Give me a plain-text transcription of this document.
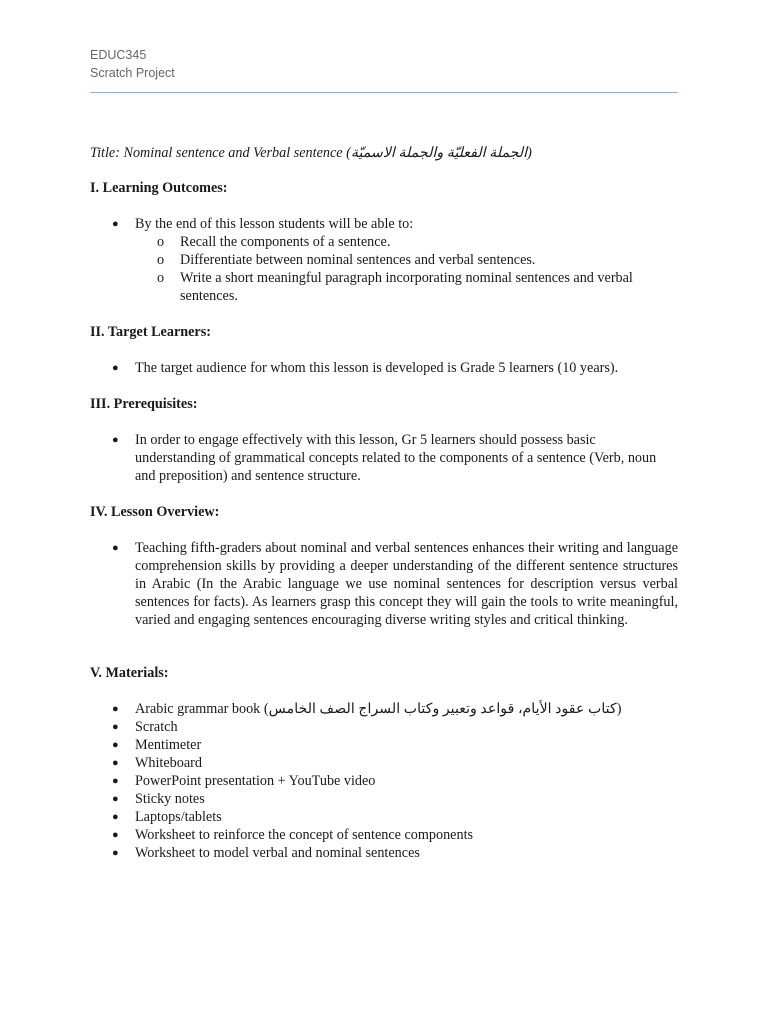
EDUC345
Scratch Project

Title: Nominal sentence and Verbal sentence (الجملة الفعليّة والجملة الاسميّة)

I. Learning Outcomes:
● By the end of this lesson students will be able to:
o Recall the components of a sentence.
o Differentiate between nominal sentences and verbal sentences.
o Write a short meaningful paragraph incorporating nominal sentences and verbal sentences.
II. Target Learners:
● The target audience for whom this lesson is developed is Grade 5 learners (10 years).
III. Prerequisites:
● In order to engage effectively with this lesson, Gr 5 learners should possess basic understanding of grammatical concepts related to the components of a sentence (Verb, noun and preposition) and sentence structure.
IV. Lesson Overview:
● Teaching fifth-graders about nominal and verbal sentences enhances their writing and language comprehension skills by providing a deeper understanding of the different sentence structures in Arabic (In the Arabic language we use nominal sentences for description versus verbal sentences for facts). As learners grasp this concept they will gain the tools to write meaningful, varied and engaging sentences encouraging diverse writing styles and critical thinking.
V. Materials:
● Arabic grammar book (كتاب عقود الأيام، قواعد وتعبير وكتاب السراج الصف الخامس)
● Scratch
● Mentimeter
● Whiteboard
● PowerPoint presentation + YouTube video
● Sticky notes
● Laptops/tablets
● Worksheet to reinforce the concept of sentence components
● Worksheet to model verbal and nominal sentences
